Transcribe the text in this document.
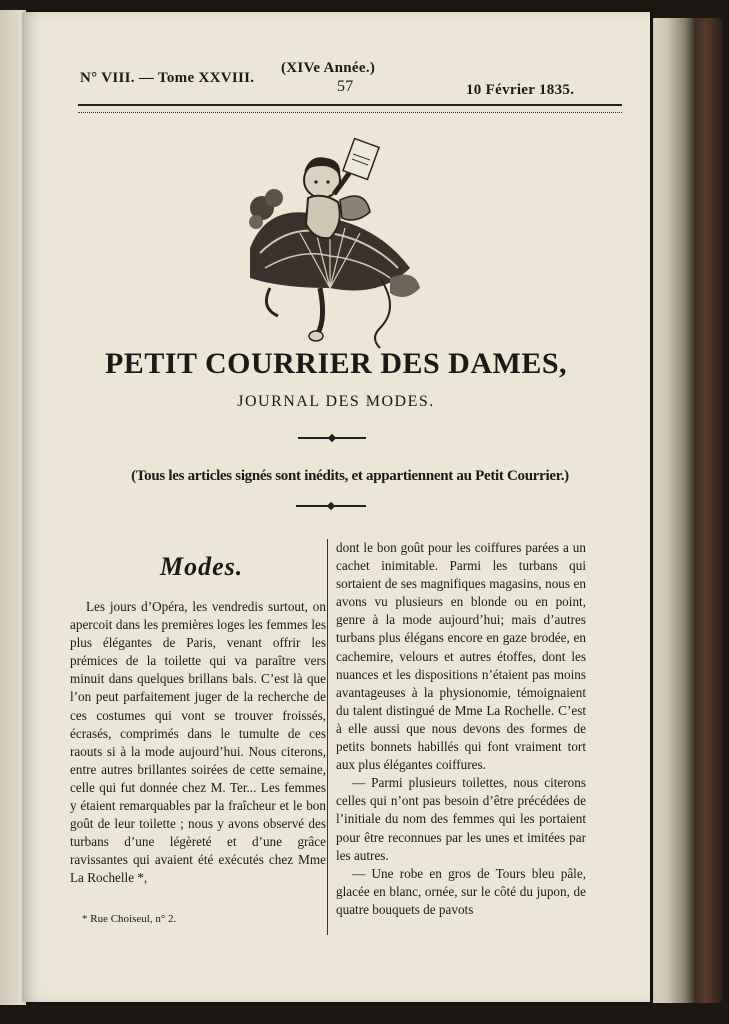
N° VIII. — Tome XXVIII.
(XIVe Année.)
57	10 Février 1835.
PETIT COURRIER DES DAMES,
JOURNAL DES MODES.
(Tous les articles signés sont inédits, et appartiennent au Petit Courrier.)
Modes.

Les jours d’Opéra, les vendredis surtout, on apercoit dans les premières loges les femmes les plus élégantes de Paris, venant offrir les prémices de la toilette qui va paraître vers minuit dans quelques brillans bals. C’est là que l’on peut parfaitement juger de la recherche de ces costumes qui vont se trouver froissés, écrasés, comprimés dans le tumulte de ces raouts si à la mode aujourd’hui. Nous citerons, entre autres brillantes soirées de cette semaine, celle qui fut donnée chez M. Ter... Les femmes y étaient remarquables par la fraîcheur et le bon goût de leur toilette ; nous y avons observé des turbans d’une légèreté et d’une grâce ravissantes qui avaient été exécutés chez Mme La Rochelle *,

* Rue Choiseul, n° 2.

dont le bon goût pour les coiffures parées a un cachet inimitable. Parmi les turbans qui sortaient de ses magnifiques magasins, nous en avons vu plusieurs en blonde ou en point, genre à la mode aujourd’hui; mais d’autres turbans plus élégans encore en gaze brodée, en cachemire, velours et autres étoffes, dont les nuances et les dispositions n’étaient pas moins avantageuses à la physionomie, témoignaient du talent distingué de Mme La Rochelle. C’est à elle aussi que nous devons des formes de petits bonnets habillés qui font vraiment tort aux plus élégantes coiffures.

— Parmi plusieurs toilettes, nous citerons celles qui n’ont pas besoin d’être précédées de l’initiale du nom des femmes qui les portaient pour être reconnues par les unes et imitées par les autres.

— Une robe en gros de Tours bleu pâle, glacée en blanc, ornée, sur le côté du jupon, de quatre bouquets de pavots
